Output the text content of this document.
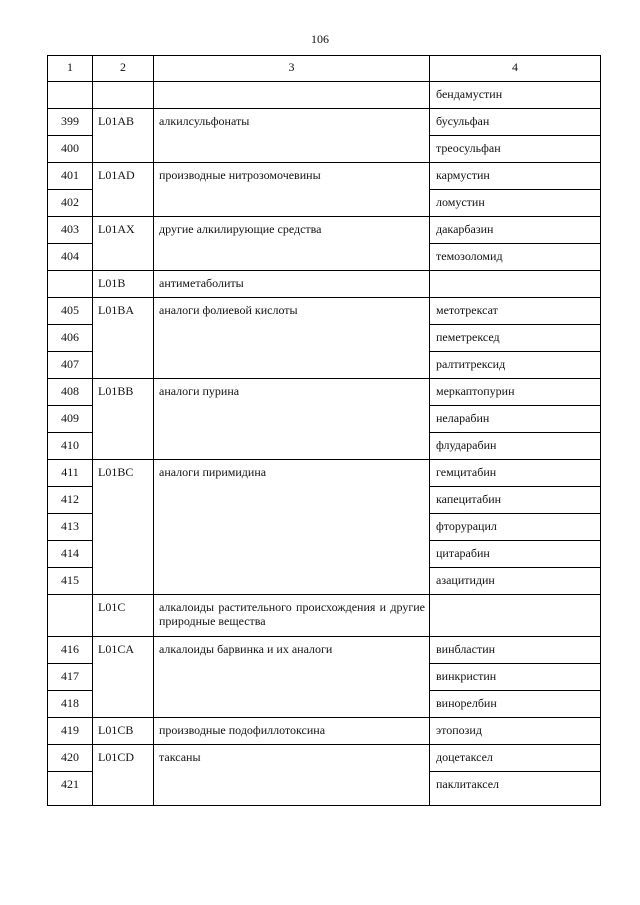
106
1	2	3	4
			бендамустин
399	L01AB	алкилсульфонаты	бусульфан
400			треосульфан
401	L01AD	производные нитрозомочевины	кармустин
402			ломустин
403	L01AX	другие алкилирующие средства	дакарбазин
404			темозоломид
	L01B	антиметаболиты	
405	L01BA	аналоги фолиевой кислоты	метотрексат
406			пеметрексед
407			ралтитрексид
408	L01BB	аналоги пурина	меркаптопурин
409			неларабин
410			флударабин
411	L01BC	аналоги пиримидина	гемцитабин
412			капецитабин
413			фторурацил
414			цитарабин
415			азацитидин
	L01C	алкалоиды растительного происхождения и другие природные вещества	
416	L01CA	алкалоиды барвинка и их аналоги	винбластин
417			винкристин
418			винорелбин
419	L01CB	производные подофиллотоксина	этопозид
420	L01CD	таксаны	доцетаксел
421			паклитаксел
